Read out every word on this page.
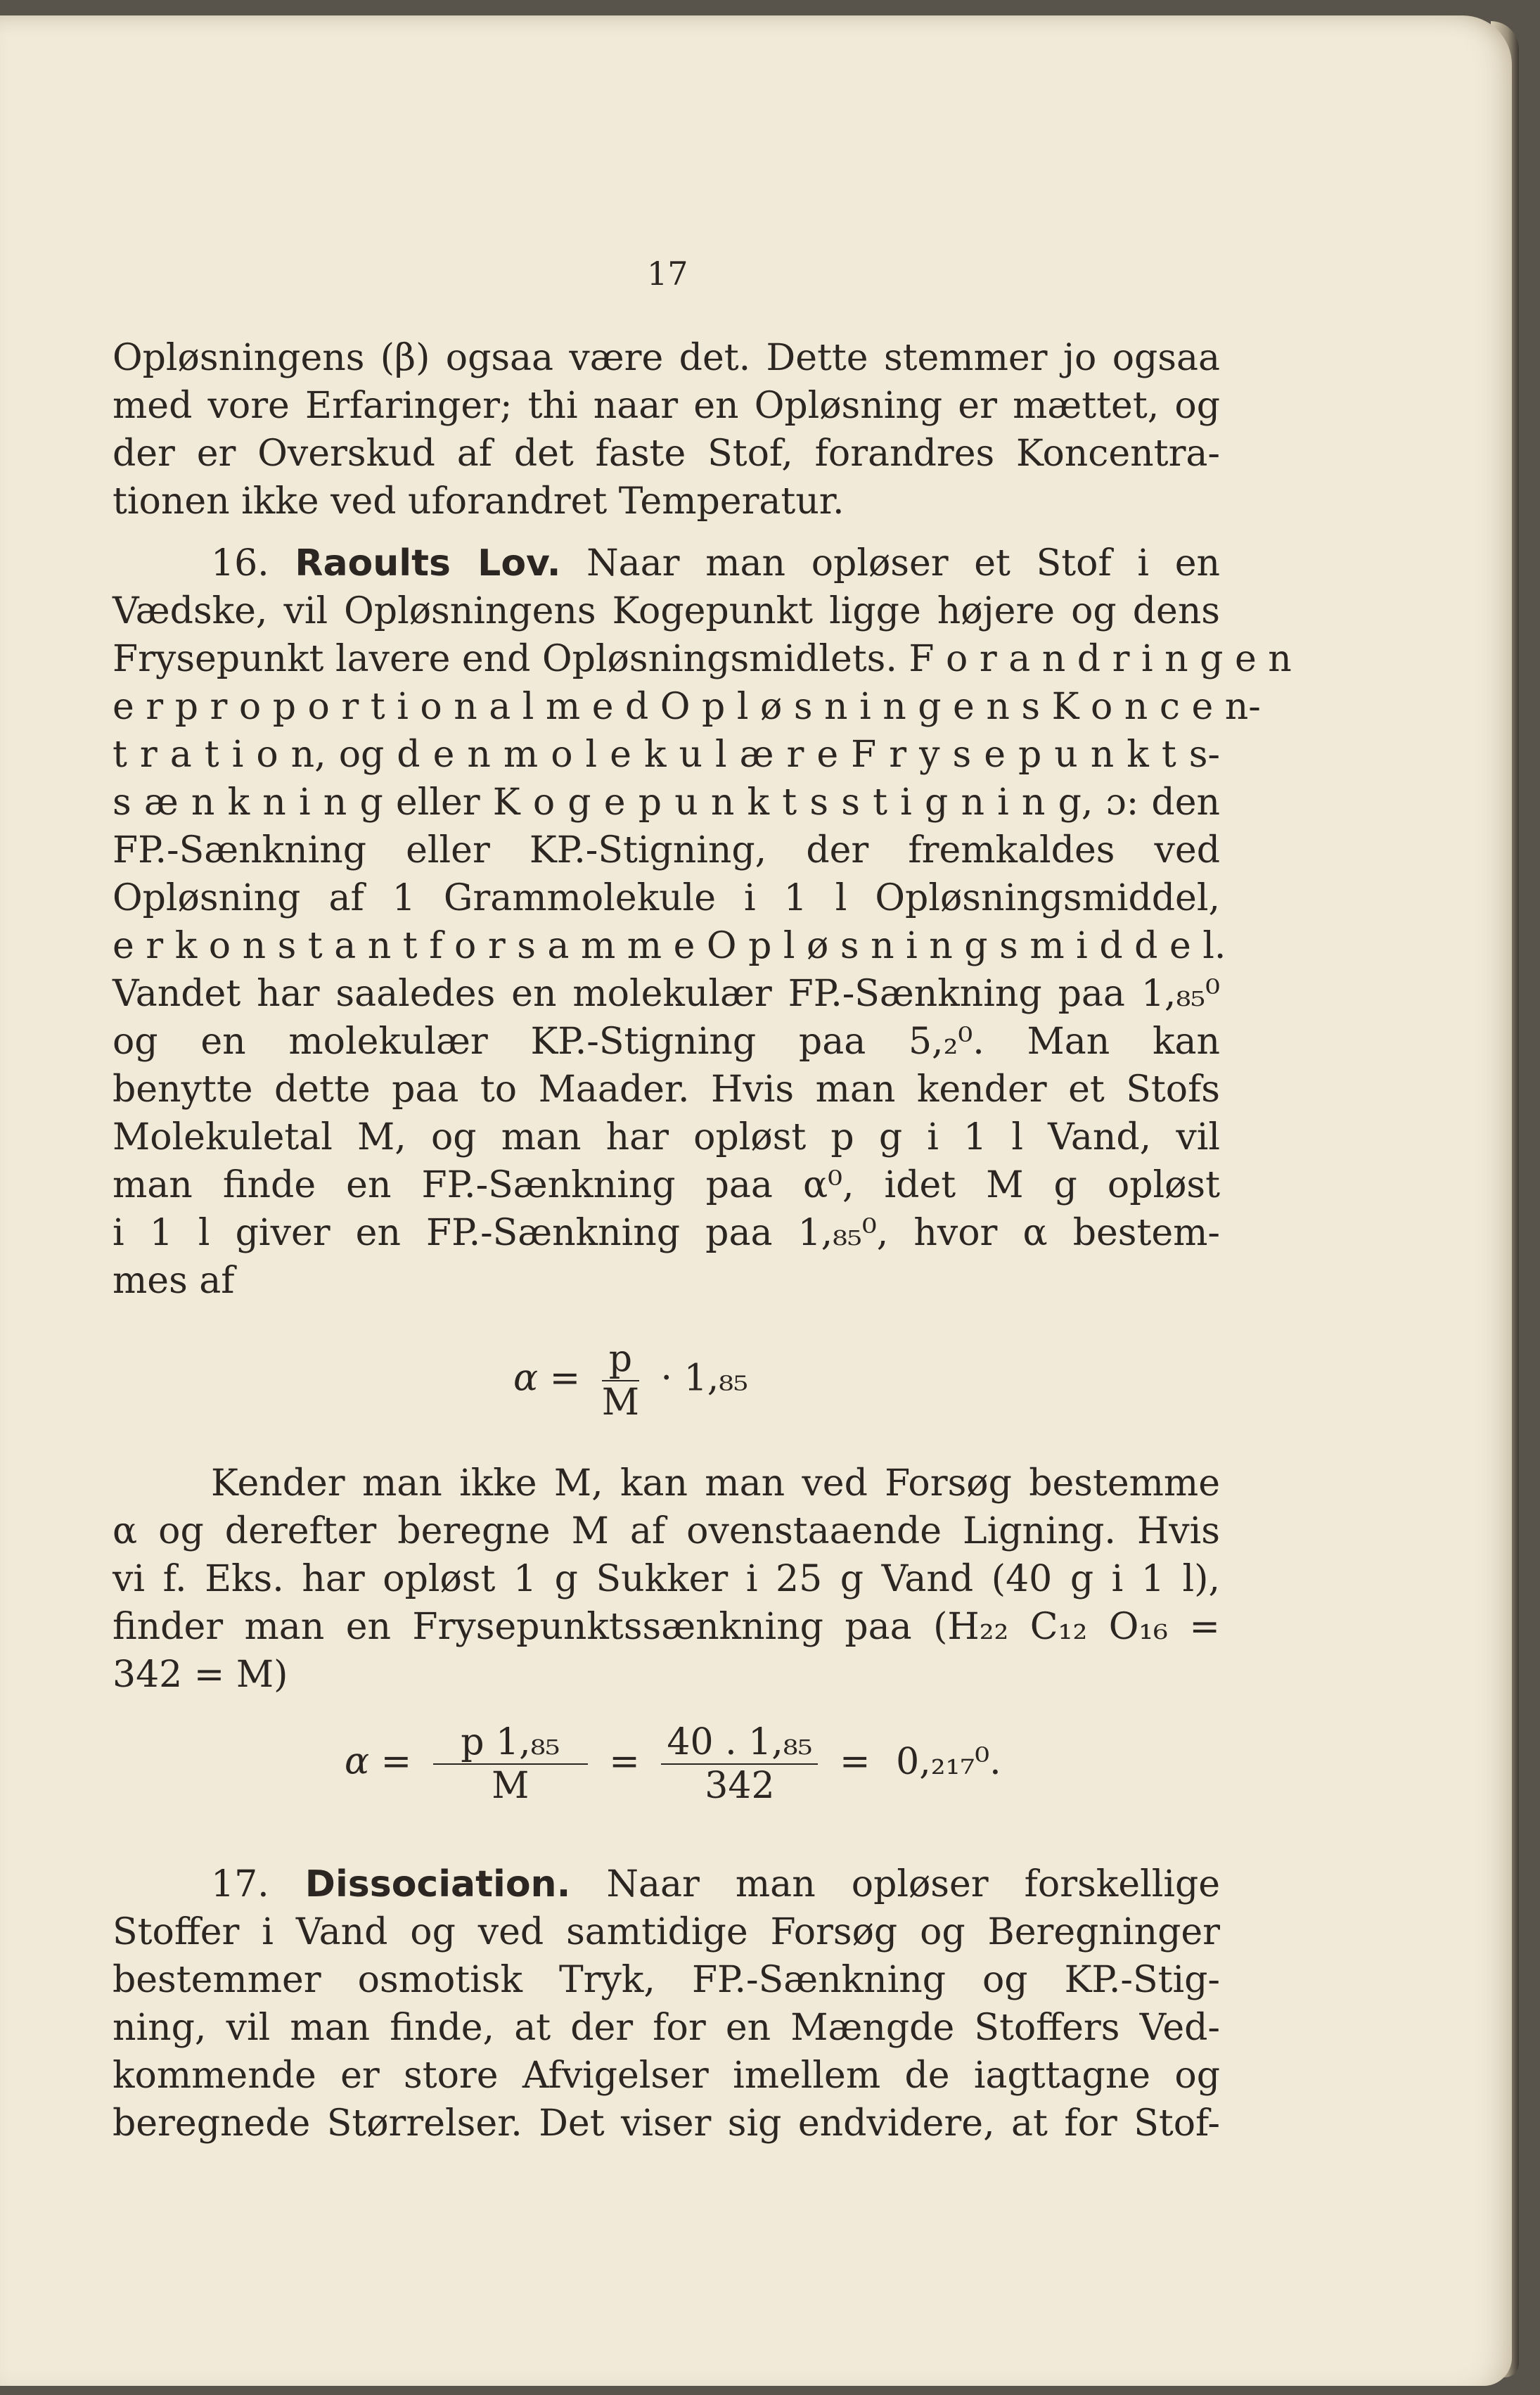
17
Opløsningens (β) ogsaa være det. Dette stemmer jo ogsaa
med vore Erfaringer; thi naar en Opløsning er mættet, og
der er Overskud af det faste Stof, forandres Koncentra-
tionen ikke ved uforandret Temperatur.
16. Raoults Lov. Naar man opløser et Stof i en
Vædske, vil Opløsningens Kogepunkt ligge højere og dens
Frysepunkt lavere end Opløsningsmidlets. F o r a n d r i n g e n
e r p r o p o r t i o n a l m e d O p l ø s n i n g e n s K o n c e n-
t r a t i o n, og d e n m o l e k u l æ r e F r y s e p u n k t s-
s æ n k n i n g eller K o g e p u n k t s s t i g n i n g, ɔ: den
FP.-Sænkning eller KP.-Stigning, der fremkaldes ved
Opløsning af 1 Grammolekule i 1 l Opløsningsmiddel,
e r k o n s t a n t f o r s a m m e O p l ø s n i n g s m i d d e l.
Vandet har saaledes en molekulær FP.-Sænkning paa 1,₈₅⁰
og en molekulær KP.-Stigning paa 5,₂⁰. Man kan
benytte dette paa to Maader. Hvis man kender et Stofs
Molekuletal M, og man har opløst p g i 1 l Vand, vil
man finde en FP.-Sænkning paa α⁰, idet M g opløst
i 1 l giver en FP.-Sænkning paa 1,₈₅⁰, hvor α bestem-
mes af
$\alpha = \frac{p}{M} \cdot 1,_{85}$
Kender man ikke M, kan man ved Forsøg bestemme
α og derefter beregne M af ovenstaaende Ligning. Hvis
vi f. Eks. har opløst 1 g Sukker i 25 g Vand (40 g i 1 l),
finder man en Frysepunktssænkning paa (H₂₂ C₁₂ O₁₆ =
342 = M)
$\alpha = \frac{\text{p 1,₈₅}}{M} = \frac{\text{40 . 1,₈₅}}{342} = 0,_{217}^0$.
17. Dissociation. Naar man opløser forskellige
Stoffer i Vand og ved samtidige Forsøg og Beregninger
bestemmer osmotisk Tryk, FP.-Sænkning og KP.-Stig-
ning, vil man finde, at der for en Mængde Stoffers Ved-
kommende er store Afvigelser imellem de iagttagne og
beregnede Størrelser. Det viser sig endvidere, at for Stof-
